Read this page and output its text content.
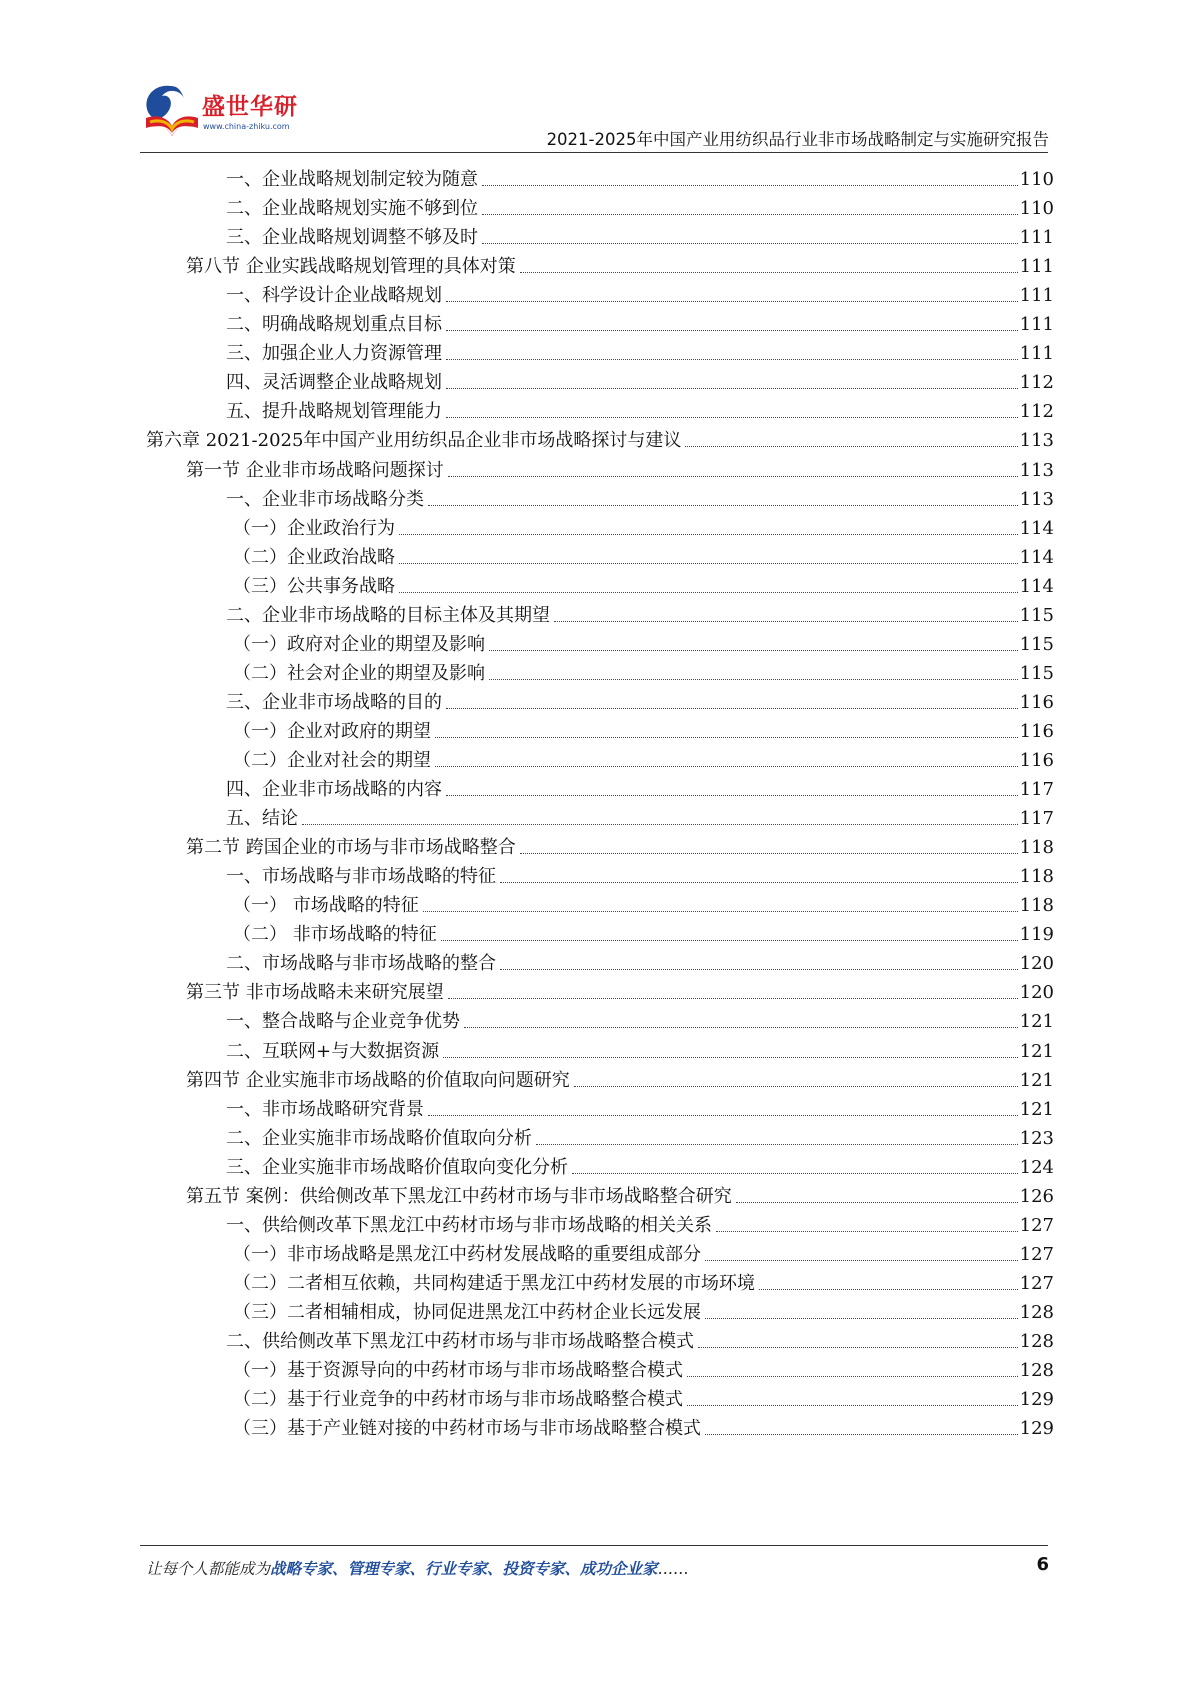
盛世华研
www.china-zhiku.com
2021-2025年中国产业用纺织品行业非市场战略制定与实施研究报告
一、企业战略规划制定较为随意	110
二、企业战略规划实施不够到位	110
三、企业战略规划调整不够及时	111
第八节 企业实践战略规划管理的具体对策	111
一、科学设计企业战略规划	111
二、明确战略规划重点目标	111
三、加强企业人力资源管理	111
四、灵活调整企业战略规划	112
五、提升战略规划管理能力	112
第六章 2021-2025年中国产业用纺织品企业非市场战略探讨与建议	113
第一节 企业非市场战略问题探讨	113
一、企业非市场战略分类	113
（一）企业政治行为	114
（二）企业政治战略	114
（三）公共事务战略	114
二、企业非市场战略的目标主体及其期望	115
（一）政府对企业的期望及影响	115
（二）社会对企业的期望及影响	115
三、企业非市场战略的目的	116
（一）企业对政府的期望	116
（二）企业对社会的期望	116
四、企业非市场战略的内容	117
五、结论	117
第二节 跨国企业的市场与非市场战略整合	118
一、市场战略与非市场战略的特征	118
（一） 市场战略的特征	118
（二） 非市场战略的特征	119
二、市场战略与非市场战略的整合	120
第三节 非市场战略未来研究展望	120
一、整合战略与企业竞争优势	121
二、互联网+与大数据资源	121
第四节 企业实施非市场战略的价值取向问题研究	121
一、非市场战略研究背景	121
二、企业实施非市场战略价值取向分析	123
三、企业实施非市场战略价值取向变化分析	124
第五节 案例：供给侧改革下黑龙江中药材市场与非市场战略整合研究	126
一、供给侧改革下黑龙江中药材市场与非市场战略的相关关系	127
（一）非市场战略是黑龙江中药材发展战略的重要组成部分	127
（二）二者相互依赖，共同构建适于黑龙江中药材发展的市场环境	127
（三）二者相辅相成，协同促进黑龙江中药材企业长远发展	128
二、供给侧改革下黑龙江中药材市场与非市场战略整合模式	128
（一）基于资源导向的中药材市场与非市场战略整合模式	128
（二）基于行业竞争的中药材市场与非市场战略整合模式	129
（三）基于产业链对接的中药材市场与非市场战略整合模式	129
让每个人都能成为战略专家、管理专家、行业专家、投资专家、成功企业家……	6
